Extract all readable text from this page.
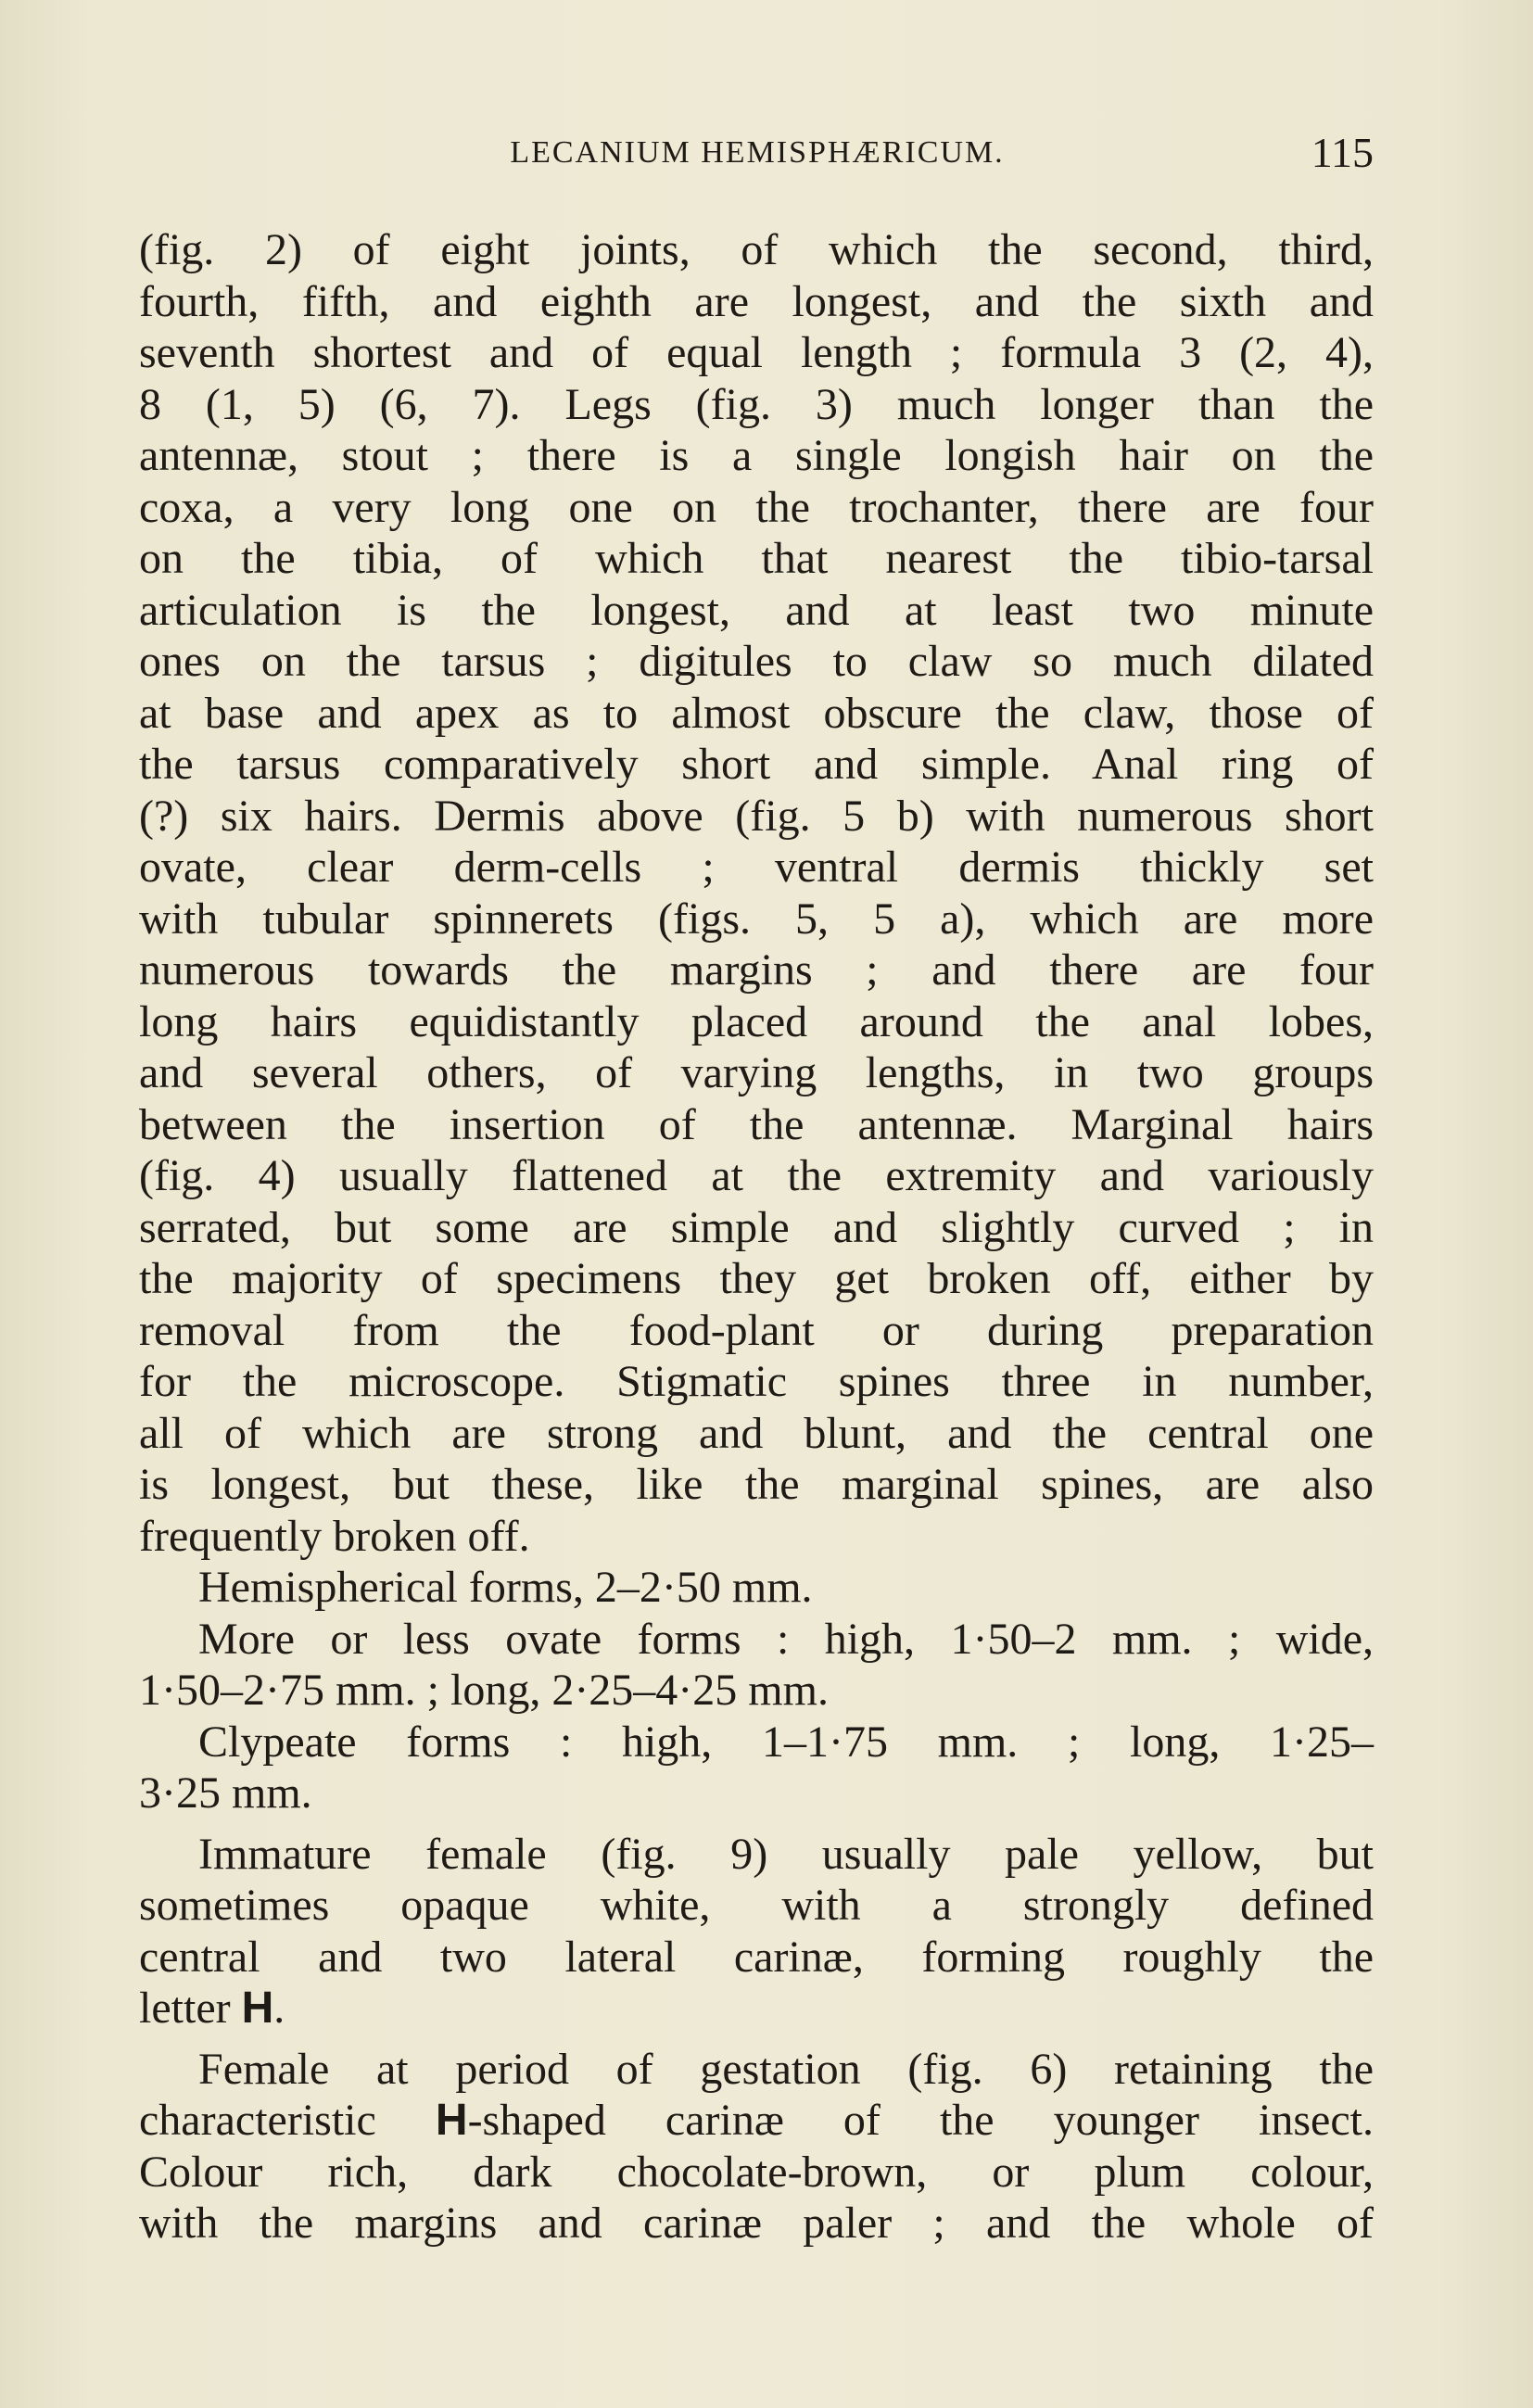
LECANIUM HEMISPHÆRICUM.	115

(fig. 2) of eight joints, of which the second, third,

fourth, fifth, and eighth are longest, and the sixth and

seventh shortest and of equal length ; formula 3 (2, 4),

8 (1, 5) (6, 7). Legs (fig. 3) much longer than the

antennæ, stout ; there is a single longish hair on the

coxa, a very long one on the trochanter, there are four

on the tibia, of which that nearest the tibio-tarsal

articulation is the longest, and at least two minute

ones on the tarsus ; digitules to claw so much dilated

at base and apex as to almost obscure the claw, those of

the tarsus comparatively short and simple. Anal ring of

(?) six hairs. Dermis above (fig. 5 b) with numerous short

ovate, clear derm-cells ; ventral dermis thickly set

with tubular spinnerets (figs. 5, 5 a), which are more

numerous towards the margins ; and there are four

long hairs equidistantly placed around the anal lobes,

and several others, of varying lengths, in two groups

between the insertion of the antennæ. Marginal hairs

(fig. 4) usually flattened at the extremity and variously

serrated, but some are simple and slightly curved ; in

the majority of specimens they get broken off, either by

removal from the food-plant or during preparation

for the microscope. Stigmatic spines three in number,

all of which are strong and blunt, and the central one

is longest, but these, like the marginal spines, are also

frequently broken off.

Hemispherical forms, 2–2·50 mm.

More or less ovate forms : high, 1·50–2 mm. ; wide,

1·50–2·75 mm. ; long, 2·25–4·25 mm.

Clypeate forms : high, 1–1·75 mm. ; long, 1·25–

3·25 mm.

Immature female (fig. 9) usually pale yellow, but

sometimes opaque white, with a strongly defined

central and two lateral carinæ, forming roughly the

letter H.

Female at period of gestation (fig. 6) retaining the

characteristic H-shaped carinæ of the younger insect.

Colour rich, dark chocolate-brown, or plum colour,

with the margins and carinæ paler ; and the whole of
